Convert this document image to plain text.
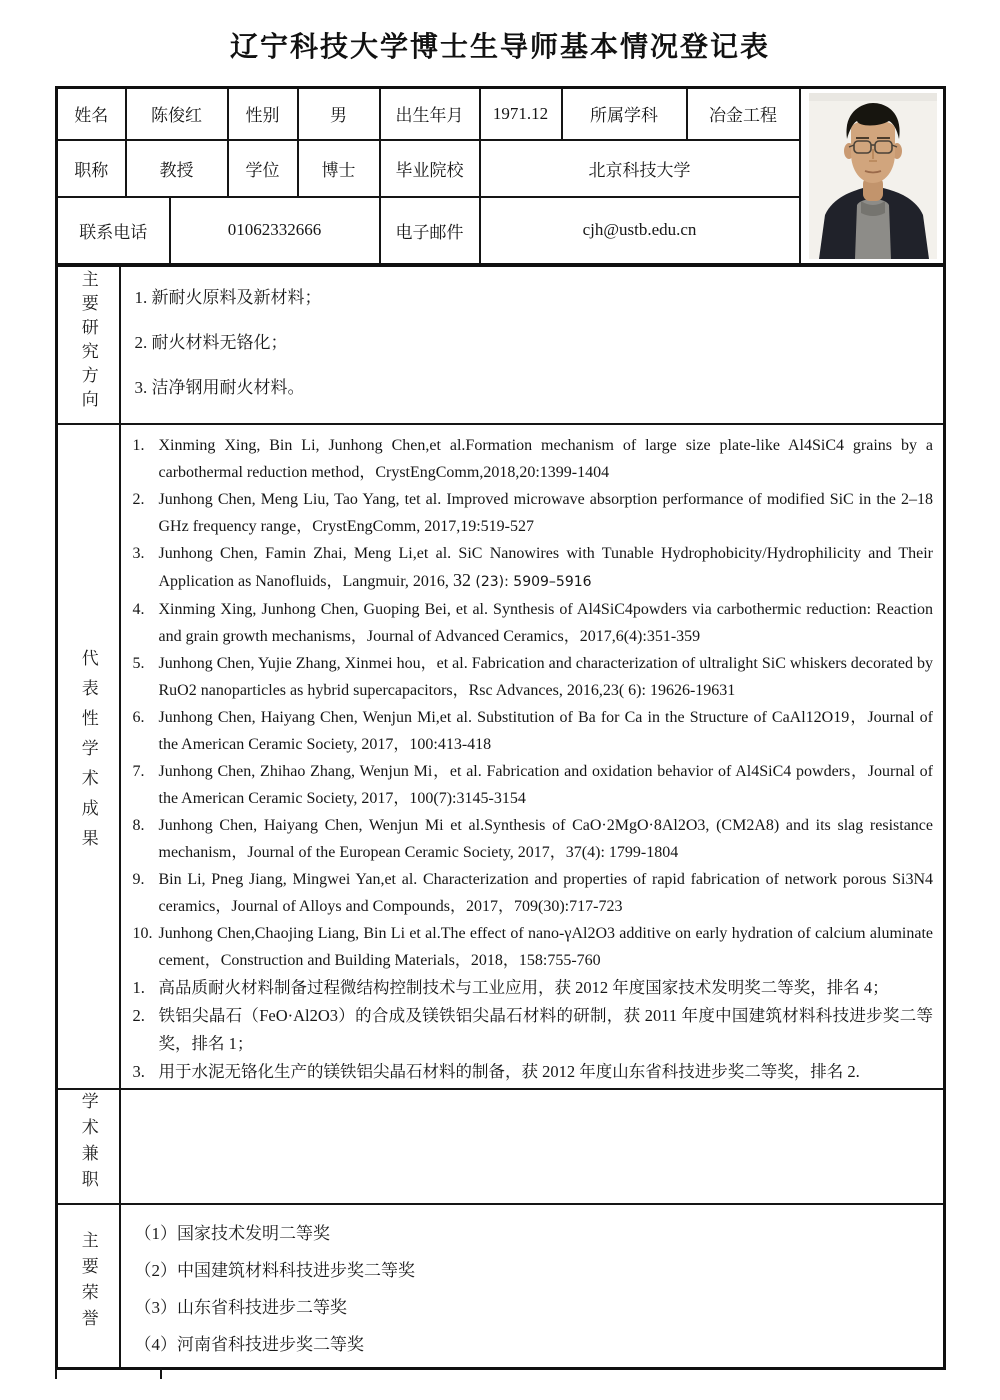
辽宁科技大学博士生导师基本情况登记表
姓名	陈俊红		性别	男	出生年月	1971.12	所属学科	冶金工程	

职称	教授		学位	博士	毕业院校	北京科技大学			
联系电话		01062332666			电子邮件	cjh@ustb.edu.cn			
主要研究方向	1. 新耐火原料及新材料；
2. 耐火材料无铬化；
3. 洁净钢用耐火材料。

代表性学术成果	
1. Xinming Xing, Bin Li, Junhong Chen,et al.Formation mechanism of large size plate-like Al4SiC4 grains by a carbothermal reduction method，CrystEngComm,2018,20:1399-1404
2. Junhong Chen, Meng Liu, Tao Yang, tet al. Improved microwave absorption performance of modified SiC in the 2–18 GHz frequency range，CrystEngComm, 2017,19:519-527
3. Junhong Chen, Famin Zhai, Meng Li,et al. SiC Nanowires with Tunable Hydrophobicity/Hydrophilicity and Their Application as Nanofluids，Langmuir, 2016, 32 (23): 5909–5916
4. Xinming Xing, Junhong Chen, Guoping Bei, et al. Synthesis of Al4SiC4powders via carbothermic reduction: Reaction and grain growth mechanisms，Journal of Advanced Ceramics，2017,6(4):351-359
5. Junhong Chen, Yujie Zhang, Xinmei hou，et al. Fabrication and characterization of ultralight SiC whiskers decorated by RuO2 nanoparticles as hybrid supercapacitors，Rsc Advances, 2016,23( 6): 19626-19631
6. Junhong Chen, Haiyang Chen, Wenjun Mi,et al. Substitution of Ba for Ca in the Structure of CaAl12O19，Journal of the American Ceramic Society, 2017，100:413-418
7. Junhong Chen, Zhihao Zhang, Wenjun Mi，et al. Fabrication and oxidation behavior of Al4SiC4 powders，Journal of the American Ceramic Society, 2017，100(7):3145-3154
8. Junhong Chen, Haiyang Chen, Wenjun Mi et al.Synthesis of CaO·2MgO·8Al2O3, (CM2A8) and its slag resistance mechanism，Journal of the European Ceramic Society, 2017，37(4): 1799-1804
9. Bin Li, Pneg Jiang, Mingwei Yan,et al. Characterization and properties of rapid fabrication of network porous Si3N4 ceramics，Journal of Alloys and Compounds，2017，709(30):717-723
10. Junhong Chen,Chaojing Liang, Bin Li et al.The effect of nano-γAl2O3 additive on early hydration of calcium aluminate cement，Construction and Building Materials，2018，158:755-760
1. 高品质耐火材料制备过程微结构控制技术与工业应用，获 2012 年度国家技术发明奖二等奖，排名 4；
2. 铁铝尖晶石（FeO·Al2O3）的合成及镁铁铝尖晶石材料的研制，获 2011 年度中国建筑材料科技进步奖二等奖，排名 1；
3. 用于水泥无铬化生产的镁铁铝尖晶石材料的制备，获 2012 年度山东省科技进步奖二等奖，排名 2.

学术兼职	
主要荣誉	（1）国家技术发明二等奖
（2）中国建筑材料科技进步奖二等奖
（3）山东省科技进步二等奖
（4）河南省科技进步奖二等奖
